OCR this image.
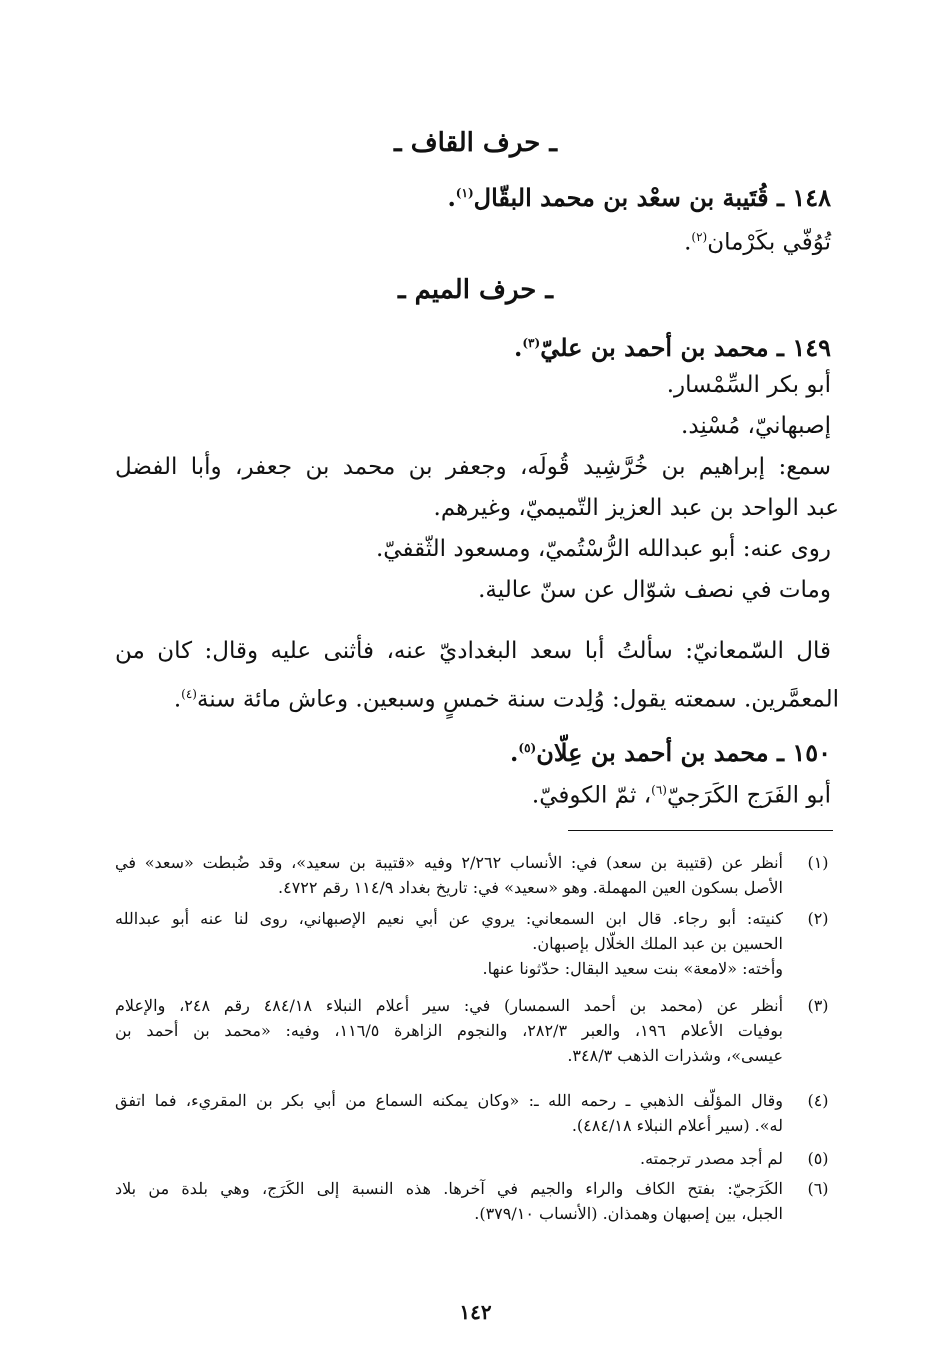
ـ حرف القاف ـ
١٤٨ ـ قُتَيبة بن سعْد بن محمد البقّال$^{(١)}$.
تُوُفّي بكَرْمان$^{(٢)}$.
ـ حرف الميم ـ
١٤٩ ـ محمد بن أحمد بن عليّ$^{(٣)}$.
أبو بكر السِّمْسار.
إصبهانيّ، مُسْنِد.
سمع: إبراهيم بن خُرَّشِيد قُولَه، وجعفر بن محمد بن جعفر، وأبا الفضل
عبد الواحد بن عبد العزيز التّميميّ، وغيرهم.
روى عنه: أبو عبدالله الرُّسْتُميّ، ومسعود الثّقفيّ.
ومات في نصف شوّال عن سنّ عالية.
قال السّمعانيّ: سألتُ أبا سعد البغداديّ عنه، فأثنى عليه وقال: كان من
المعمَّرين. سمعته يقول: وُلِدت سنة خمسٍ وسبعين. وعاش مائة سنة$^{(٤)}$.
١٥٠ ـ محمد بن أحمد بن عِلّان$^{(٥)}$.
أبو الفَرَج الكَرَجيّ$^{(٦)}$، ثمّ الكوفيّ.
(١)
أنظر عن (قتيبة بن سعد) في: الأنساب ٢/٢٦٢ وفيه «قتيبة بن سعيد»، وقد ضُبطت «سعد» في
الأصل بسكون العين المهملة. وهو «سعيد» في: تاريخ بغداد ١١٤/٩ رقم ٤٧٢٢.
(٢)
كنيته: أبو رجاء. قال ابن السمعاني: يروي عن أبي نعيم الإصبهاني، روى لنا عنه أبو عبدالله
الحسين بن عبد الملك الخلّال بإصبهان.
وأخته: «لامعة» بنت سعيد البقال: حدّثونا عنها.
(٣)
أنظر عن (محمد بن أحمد السمسار) في: سير أعلام النبلاء ٤٨٤/١٨ رقم ٢٤٨، والإعلام
بوفيات الأعلام ١٩٦، والعبر ٢٨٢/٣، والنجوم الزاهرة ١١٦/٥، وفيه: «محمد بن أحمد بن
عيسى»، وشذرات الذهب ٣٤٨/٣.
(٤)
وقال المؤلّف الذهبي ـ رحمه الله ـ: «وكان يمكنه السماع من أبي بكر بن المقريء، فما اتفق
له». (سير أعلام النبلاء ٤٨٤/١٨).
(٥)
لم أجد مصدر ترجمته.
(٦)
الكَرَجيّ: بفتح الكاف والراء والجيم في آخرها. هذه النسبة إلى الكَرَج، وهي بلدة من بلاد
الجبل، بين إصبهان وهمذان. (الأنساب ٣٧٩/١٠).
١٤٢
